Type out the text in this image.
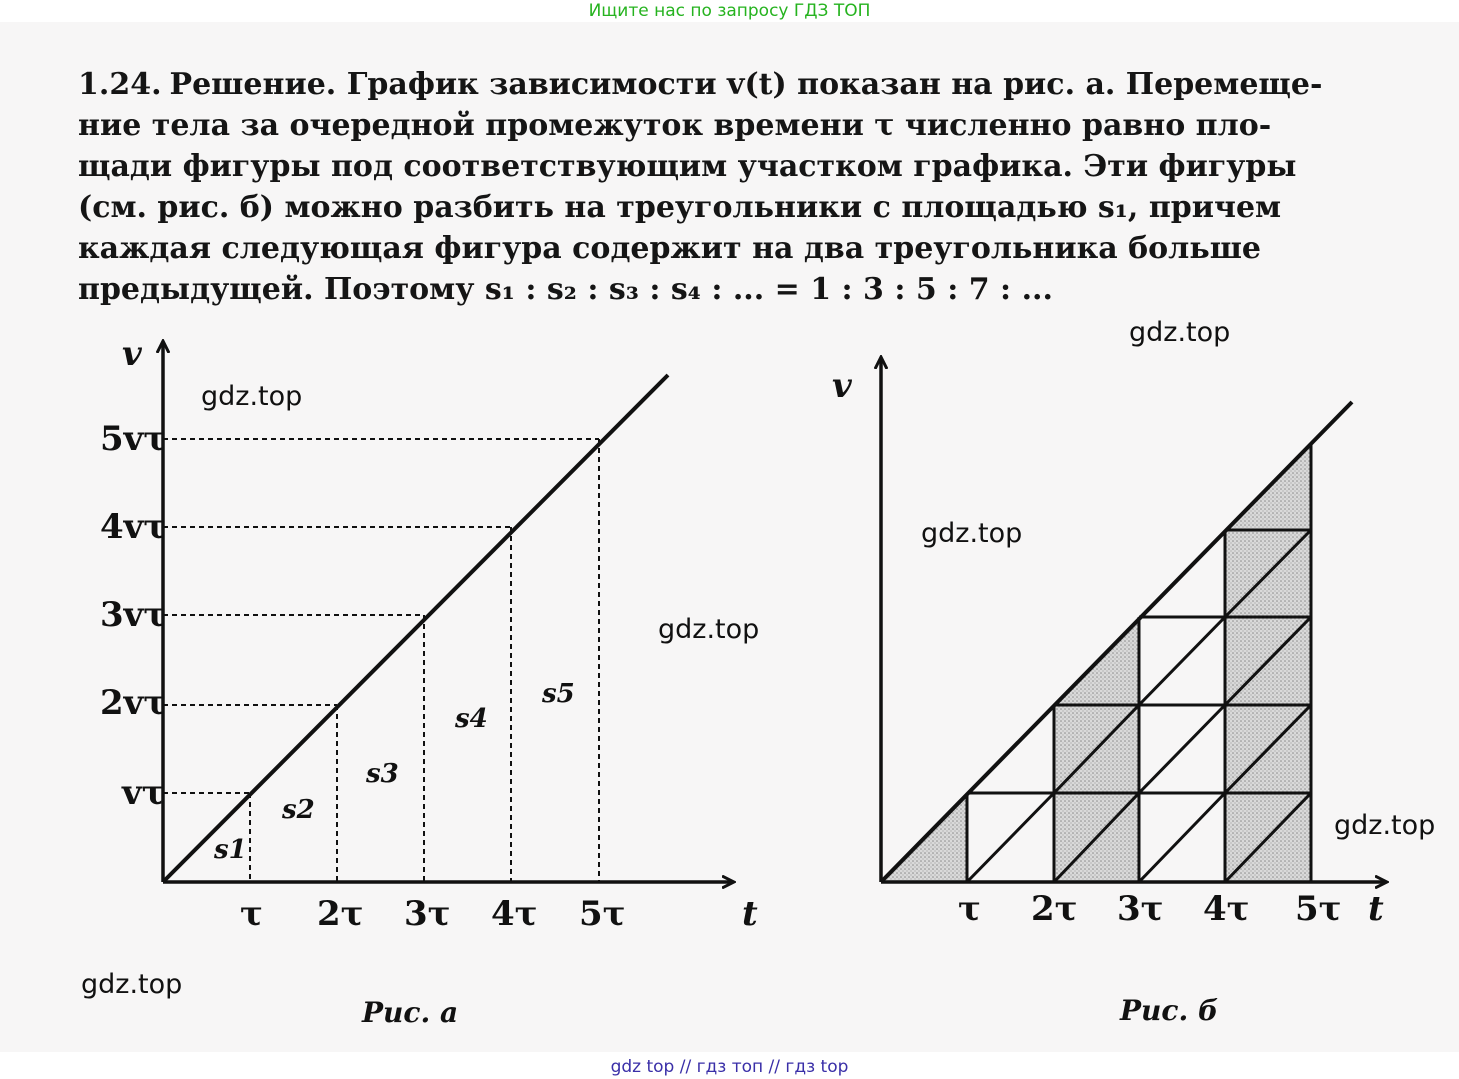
Ищите нас по запросу ГДЗ ТОП
1.24. Решение. График зависимости v(t) показан на рис. а. Перемеще-
ние тела за очередной промежуток времени τ численно равно пло-
щади фигуры под соответствующим участком графика. Эти фигуры
(см. рис. б) можно разбить на треугольники с площадью s₁, причем
каждая следующая фигура содержит на два треугольника больше
предыдущей. Поэтому s₁ : s₂ : s₃ : s₄ : ... = 1 : 3 : 5 : 7 : ...
v
t
5vτ
4vτ
3vτ
2vτ
vτ
τ 2τ 3τ 4τ 5τ
s1
s2
s3
s4
s5
Рис. а
v
t
τ 2τ 3τ 4τ 5τ
Рис. б
gdz.top
gdz.top
gdz.top
gdz.top
gdz.top
gdz.top
gdz top // гдз топ // гдз top
